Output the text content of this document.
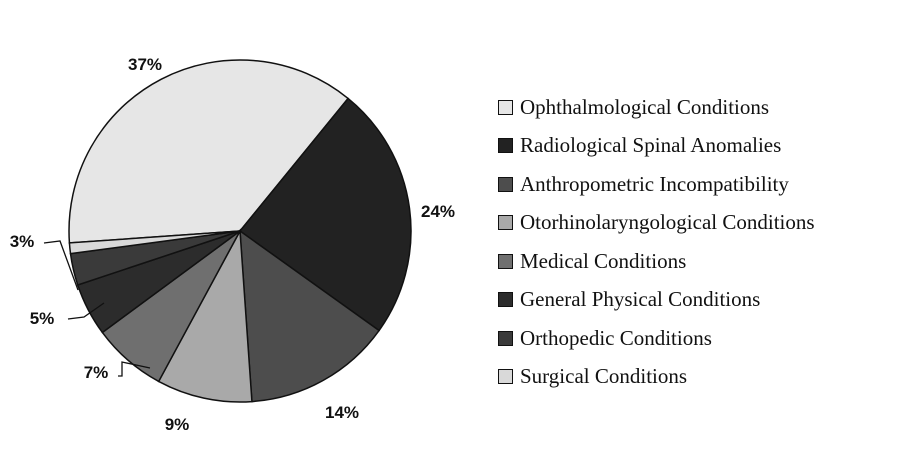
37%
24%
14%
9%
7%
5%
3%
Ophthalmological Conditions
Radiological Spinal Anomalies
Anthropometric Incompatibility
Otorhinolaryngological Conditions
Medical Conditions
General Physical Conditions
Orthopedic Conditions
Surgical Conditions
